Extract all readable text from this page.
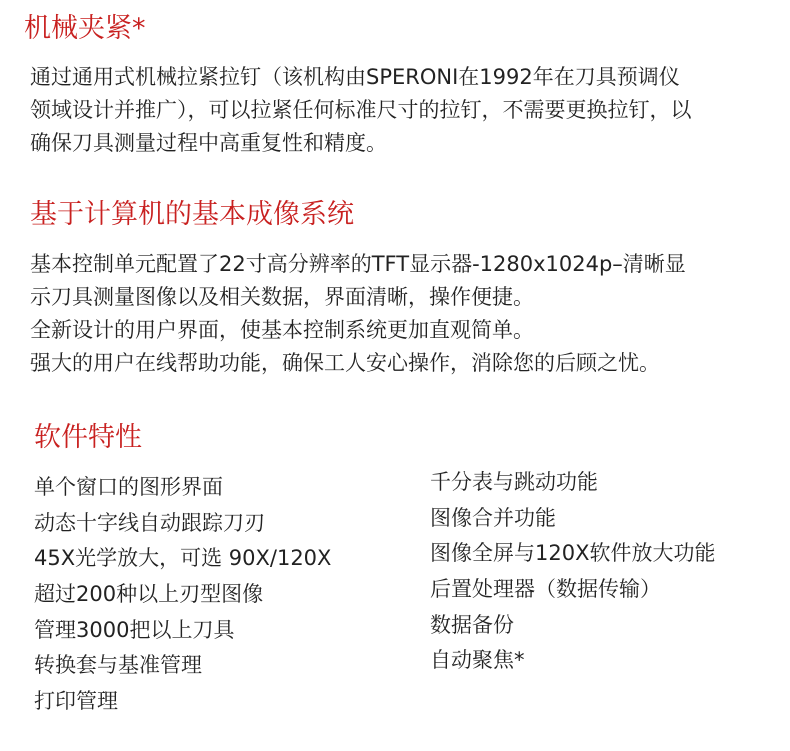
机械夹紧*

通过通用式机械拉紧拉钉（该机构由SPERONI在1992年在刀具预调仪
领域设计并推广），可以拉紧任何标准尺寸的拉钉，不需要更换拉钉，以
确保刀具测量过程中高重复性和精度。

基于计算机的基本成像系统

基本控制单元配置了22寸高分辨率的TFT显示器-1280x1024p–清晰显
示刀具测量图像以及相关数据，界面清晰，操作便捷。
全新设计的用户界面，使基本控制系统更加直观简单。
强大的用户在线帮助功能，确保工人安心操作，消除您的后顾之忧。

软件特性
单个窗口的图形界面
动态十字线自动跟踪刀刃
45X光学放大，可选 90X/120X
超过200种以上刃型图像
管理3000把以上刀具
转换套与基准管理
打印管理
千分表与跳动功能
图像合并功能
图像全屏与120X软件放大功能
后置处理器（数据传输）
数据备份
自动聚焦*
